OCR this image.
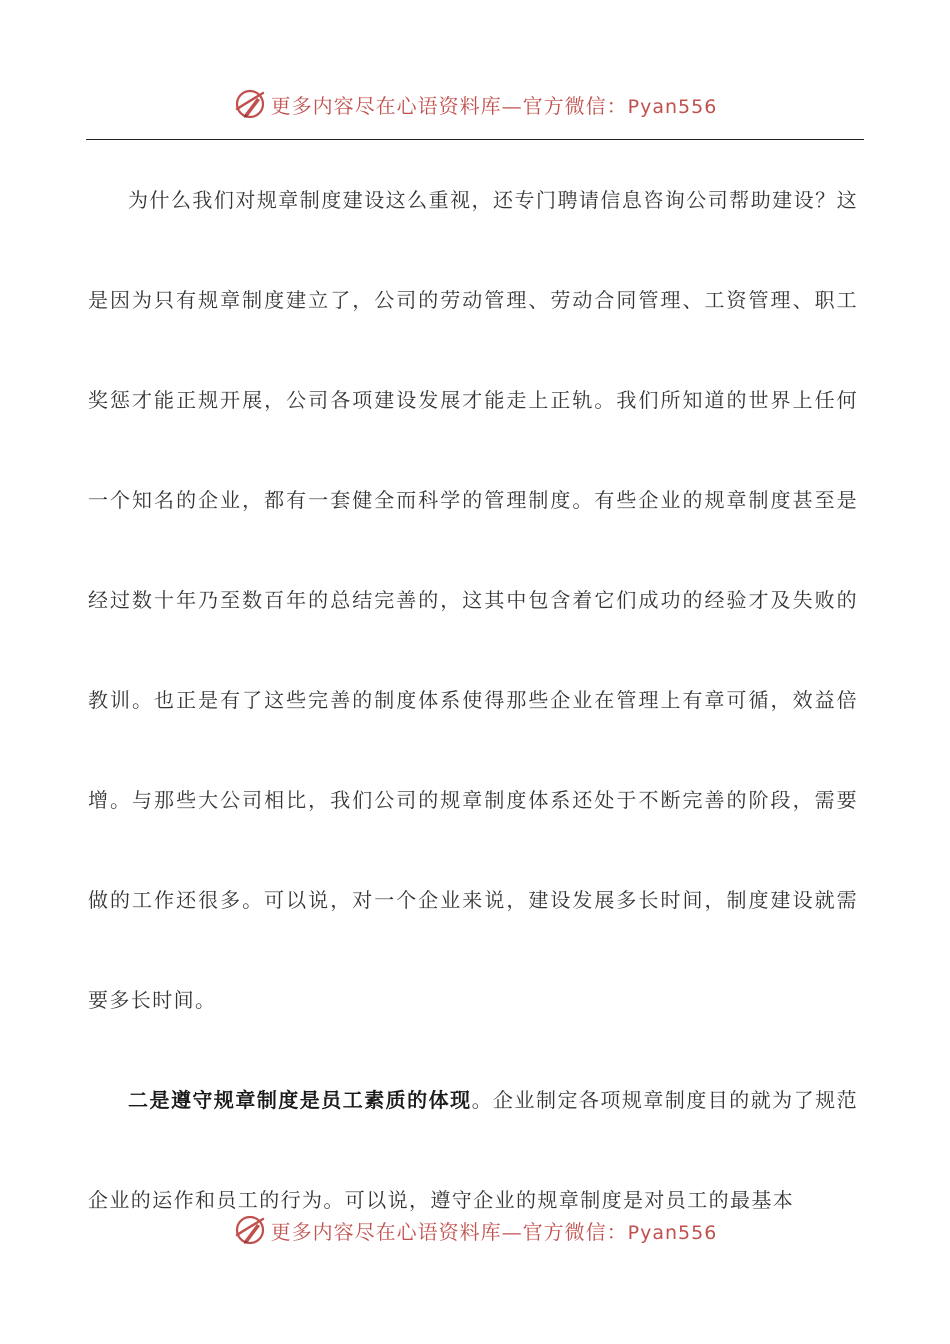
更多内容尽在心语资料库—官方微信：Pyan556

为什么我们对规章制度建设这么重视，还专门聘请信息咨询公司帮助建设？这是因为只有规章制度建立了，公司的劳动管理、劳动合同管理、工资管理、职工奖惩才能正规开展，公司各项建设发展才能走上正轨。我们所知道的世界上任何一个知名的企业，都有一套健全而科学的管理制度。有些企业的规章制度甚至是经过数十年乃至数百年的总结完善的，这其中包含着它们成功的经验才及失败的教训。也正是有了这些完善的制度体系使得那些企业在管理上有章可循，效益倍增。与那些大公司相比，我们公司的规章制度体系还处于不断完善的阶段，需要做的工作还很多。可以说，对一个企业来说，建设发展多长时间，制度建设就需要多长时间。

二是遵守规章制度是员工素质的体现。企业制定各项规章制度目的就为了规范企业的运作和员工的行为。可以说，遵守企业的规章制度是对员工的最基本

更多内容尽在心语资料库—官方微信：Pyan556
